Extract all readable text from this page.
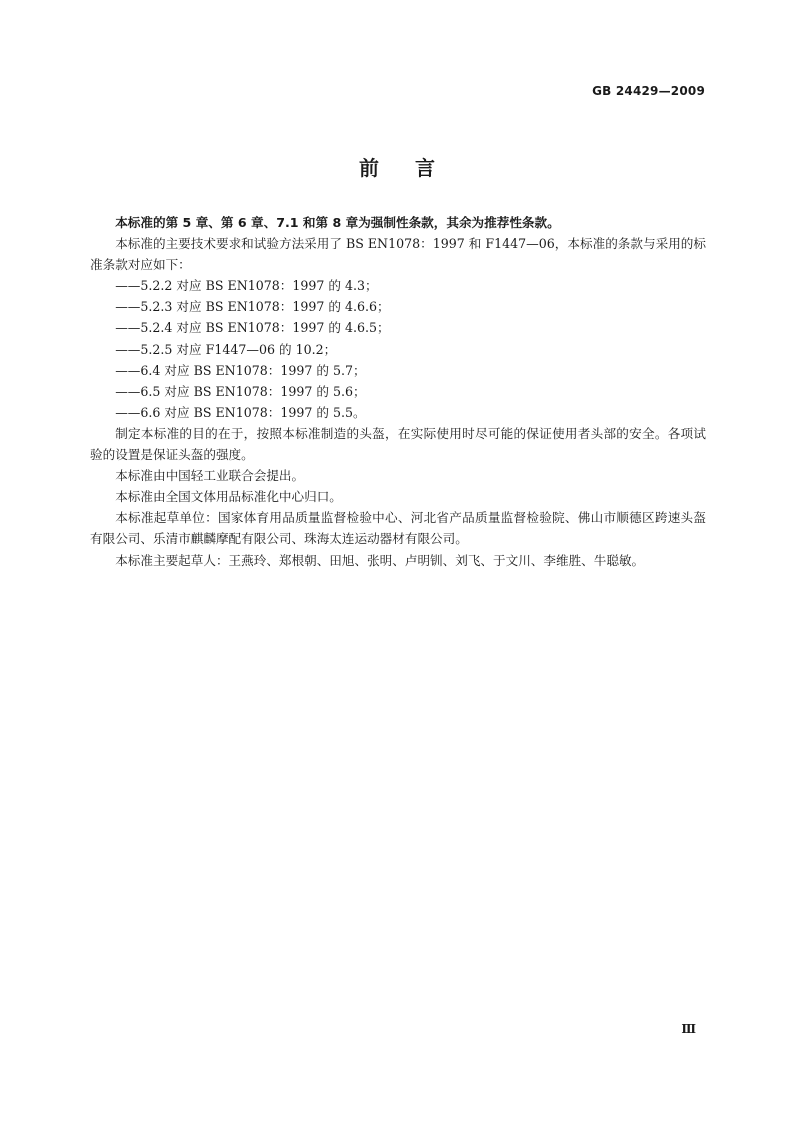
GB 24429—2009
前言

本标准的第 5 章、第 6 章、7.1 和第 8 章为强制性条款，其余为推荐性条款。

本标准的主要技术要求和试验方法采用了 BS EN1078：1997 和 F1447—06，本标准的条款与采用的标准条款对应如下：

——5.2.2 对应 BS EN1078：1997 的 4.3；

——5.2.3 对应 BS EN1078：1997 的 4.6.6；

——5.2.4 对应 BS EN1078：1997 的 4.6.5；

——5.2.5 对应 F1447—06 的 10.2；

——6.4 对应 BS EN1078：1997 的 5.7；

——6.5 对应 BS EN1078：1997 的 5.6；

——6.6 对应 BS EN1078：1997 的 5.5。

制定本标准的目的在于，按照本标准制造的头盔，在实际使用时尽可能的保证使用者头部的安全。各项试验的设置是保证头盔的强度。

本标准由中国轻工业联合会提出。

本标准由全国文体用品标准化中心归口。

本标准起草单位：国家体育用品质量监督检验中心、河北省产品质量监督检验院、佛山市顺德区跨速头盔有限公司、乐清市麒麟摩配有限公司、珠海太连运动器材有限公司。

本标准主要起草人：王燕玲、郑根朝、田旭、张明、卢明钏、刘飞、于文川、李维胜、牛聪敏。

Ⅲ
